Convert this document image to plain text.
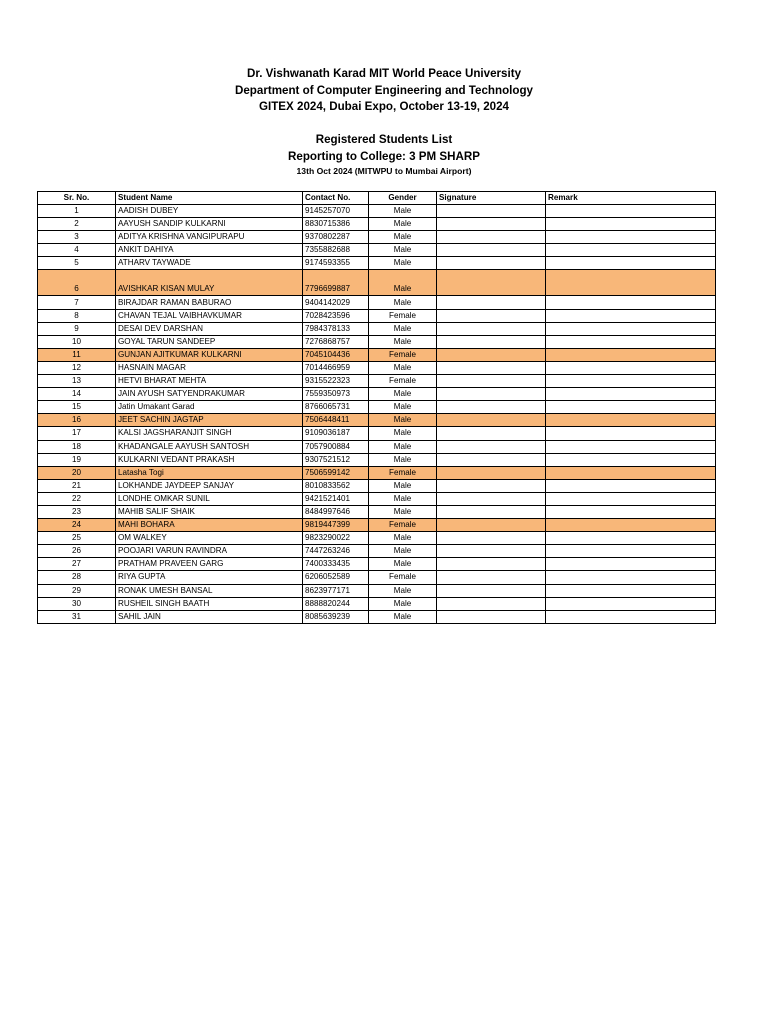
Dr. Vishwanath Karad MIT World Peace University
Department of Computer Engineering and Technology
GITEX 2024, Dubai Expo, October 13-19, 2024
Registered Students List
Reporting to College: 3 PM SHARP
13th Oct 2024 (MITWPU to Mumbai Airport)
Sr. No.	Student Name	Contact No.	Gender	Signature	Remark
1	AADISH DUBEY	9145257070	Male		
2	AAYUSH SANDIP KULKARNI	8830715386	Male		
3	ADITYA KRISHNA VANGIPURAPU	9370802287	Male		
4	ANKIT DAHIYA	7355882688	Male		
5	ATHARV TAYWADE	9174593355	Male		
6	AVISHKAR KISAN MULAY	7796699887	Male		
7	BIRAJDAR RAMAN BABURAO	9404142029	Male		
8	CHAVAN TEJAL VAIBHAVKUMAR	7028423596	Female		
9	DESAI DEV DARSHAN	7984378133	Male		
10	GOYAL TARUN SANDEEP	7276868757	Male		
11	GUNJAN AJITKUMAR KULKARNI	7045104436	Female		
12	HASNAIN MAGAR	7014466959	Male		
13	HETVI BHARAT MEHTA	9315522323	Female		
14	JAIN AYUSH SATYENDRAKUMAR	7559350973	Male		
15	Jatin Umakant Garad	8766065731	Male		
16	JEET SACHIN JAGTAP	7506448411	Male		
17	KALSI JAGSHARANJIT SINGH	9109036187	Male		
18	KHADANGALE AAYUSH SANTOSH	7057900884	Male		
19	KULKARNI VEDANT PRAKASH	9307521512	Male		
20	Latasha Togi	7506599142	Female		
21	LOKHANDE JAYDEEP SANJAY	8010833562	Male		
22	LONDHE OMKAR SUNIL	9421521401	Male		
23	MAHIB SALIF SHAIK	8484997646	Male		
24	MAHI BOHARA	9819447399	Female		
25	OM WALKEY	9823290022	Male		
26	POOJARI VARUN RAVINDRA	7447263246	Male		
27	PRATHAM PRAVEEN GARG	7400333435	Male		
28	RIYA GUPTA	6206052589	Female		
29	RONAK UMESH BANSAL	8623977171	Male		
30	RUSHEIL SINGH BAATH	8888820244	Male		
31	SAHIL JAIN	8085639239	Male		
